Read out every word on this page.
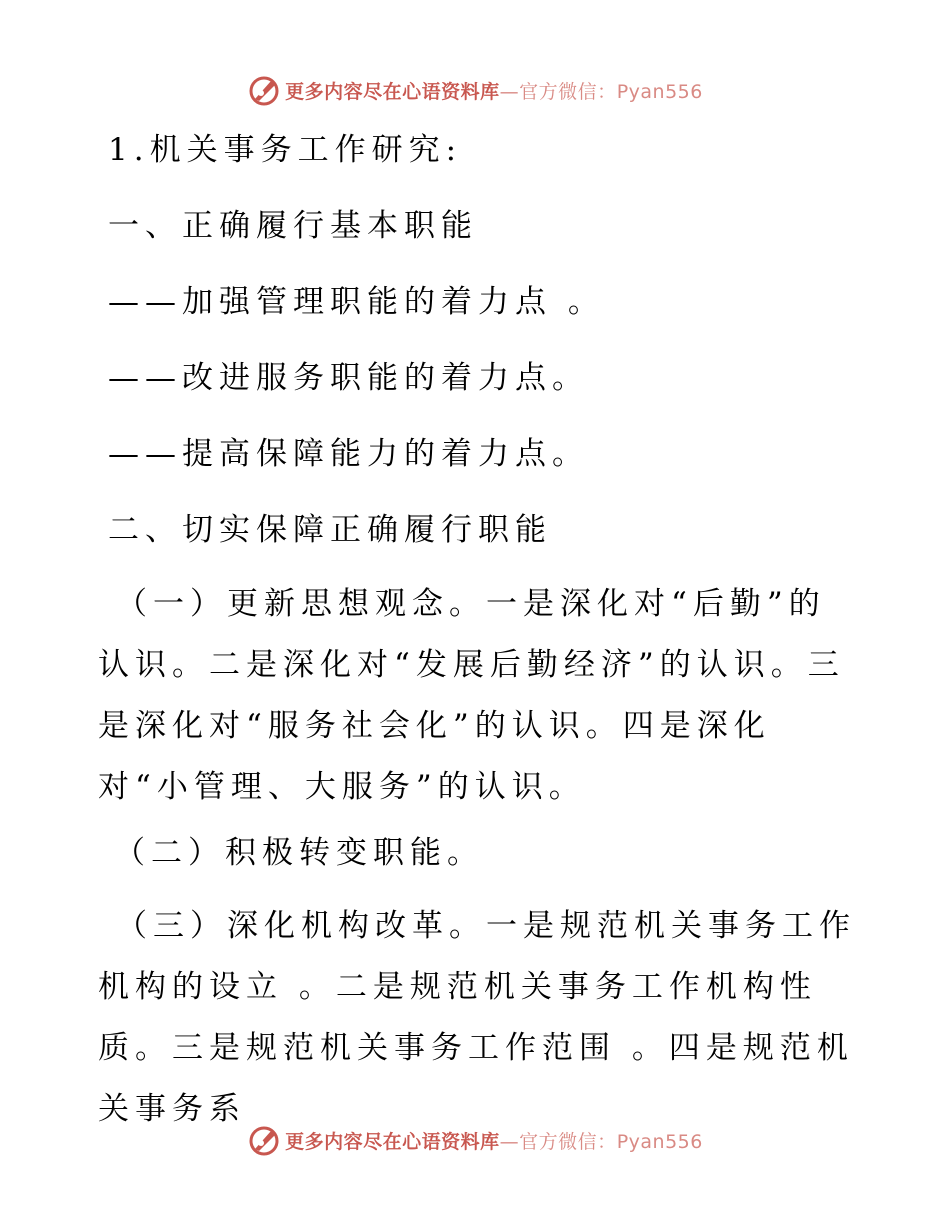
更多内容尽在心语资料库—官方微信：Pyan556
1.机关事务工作研究:
一、正确履行基本职能
——加强管理职能的着力点 。
——改进服务职能的着力点。
——提高保障能力的着力点。
二、切实保障正确履行职能
（一）更新思想观念。一是深化对“后勤”的认识。二是深化对“发展后勤经济”的认识。三是深化对“服务社会化”的认识。四是深化对“小管理、大服务”的认识。
（二）积极转变职能。
（三）深化机构改革。一是规范机关事务工作机构的设立 。二是规范机关事务工作机构性质。三是规范机关事务工作范围 。四是规范机关事务系
更多内容尽在心语资料库—官方微信：Pyan556
